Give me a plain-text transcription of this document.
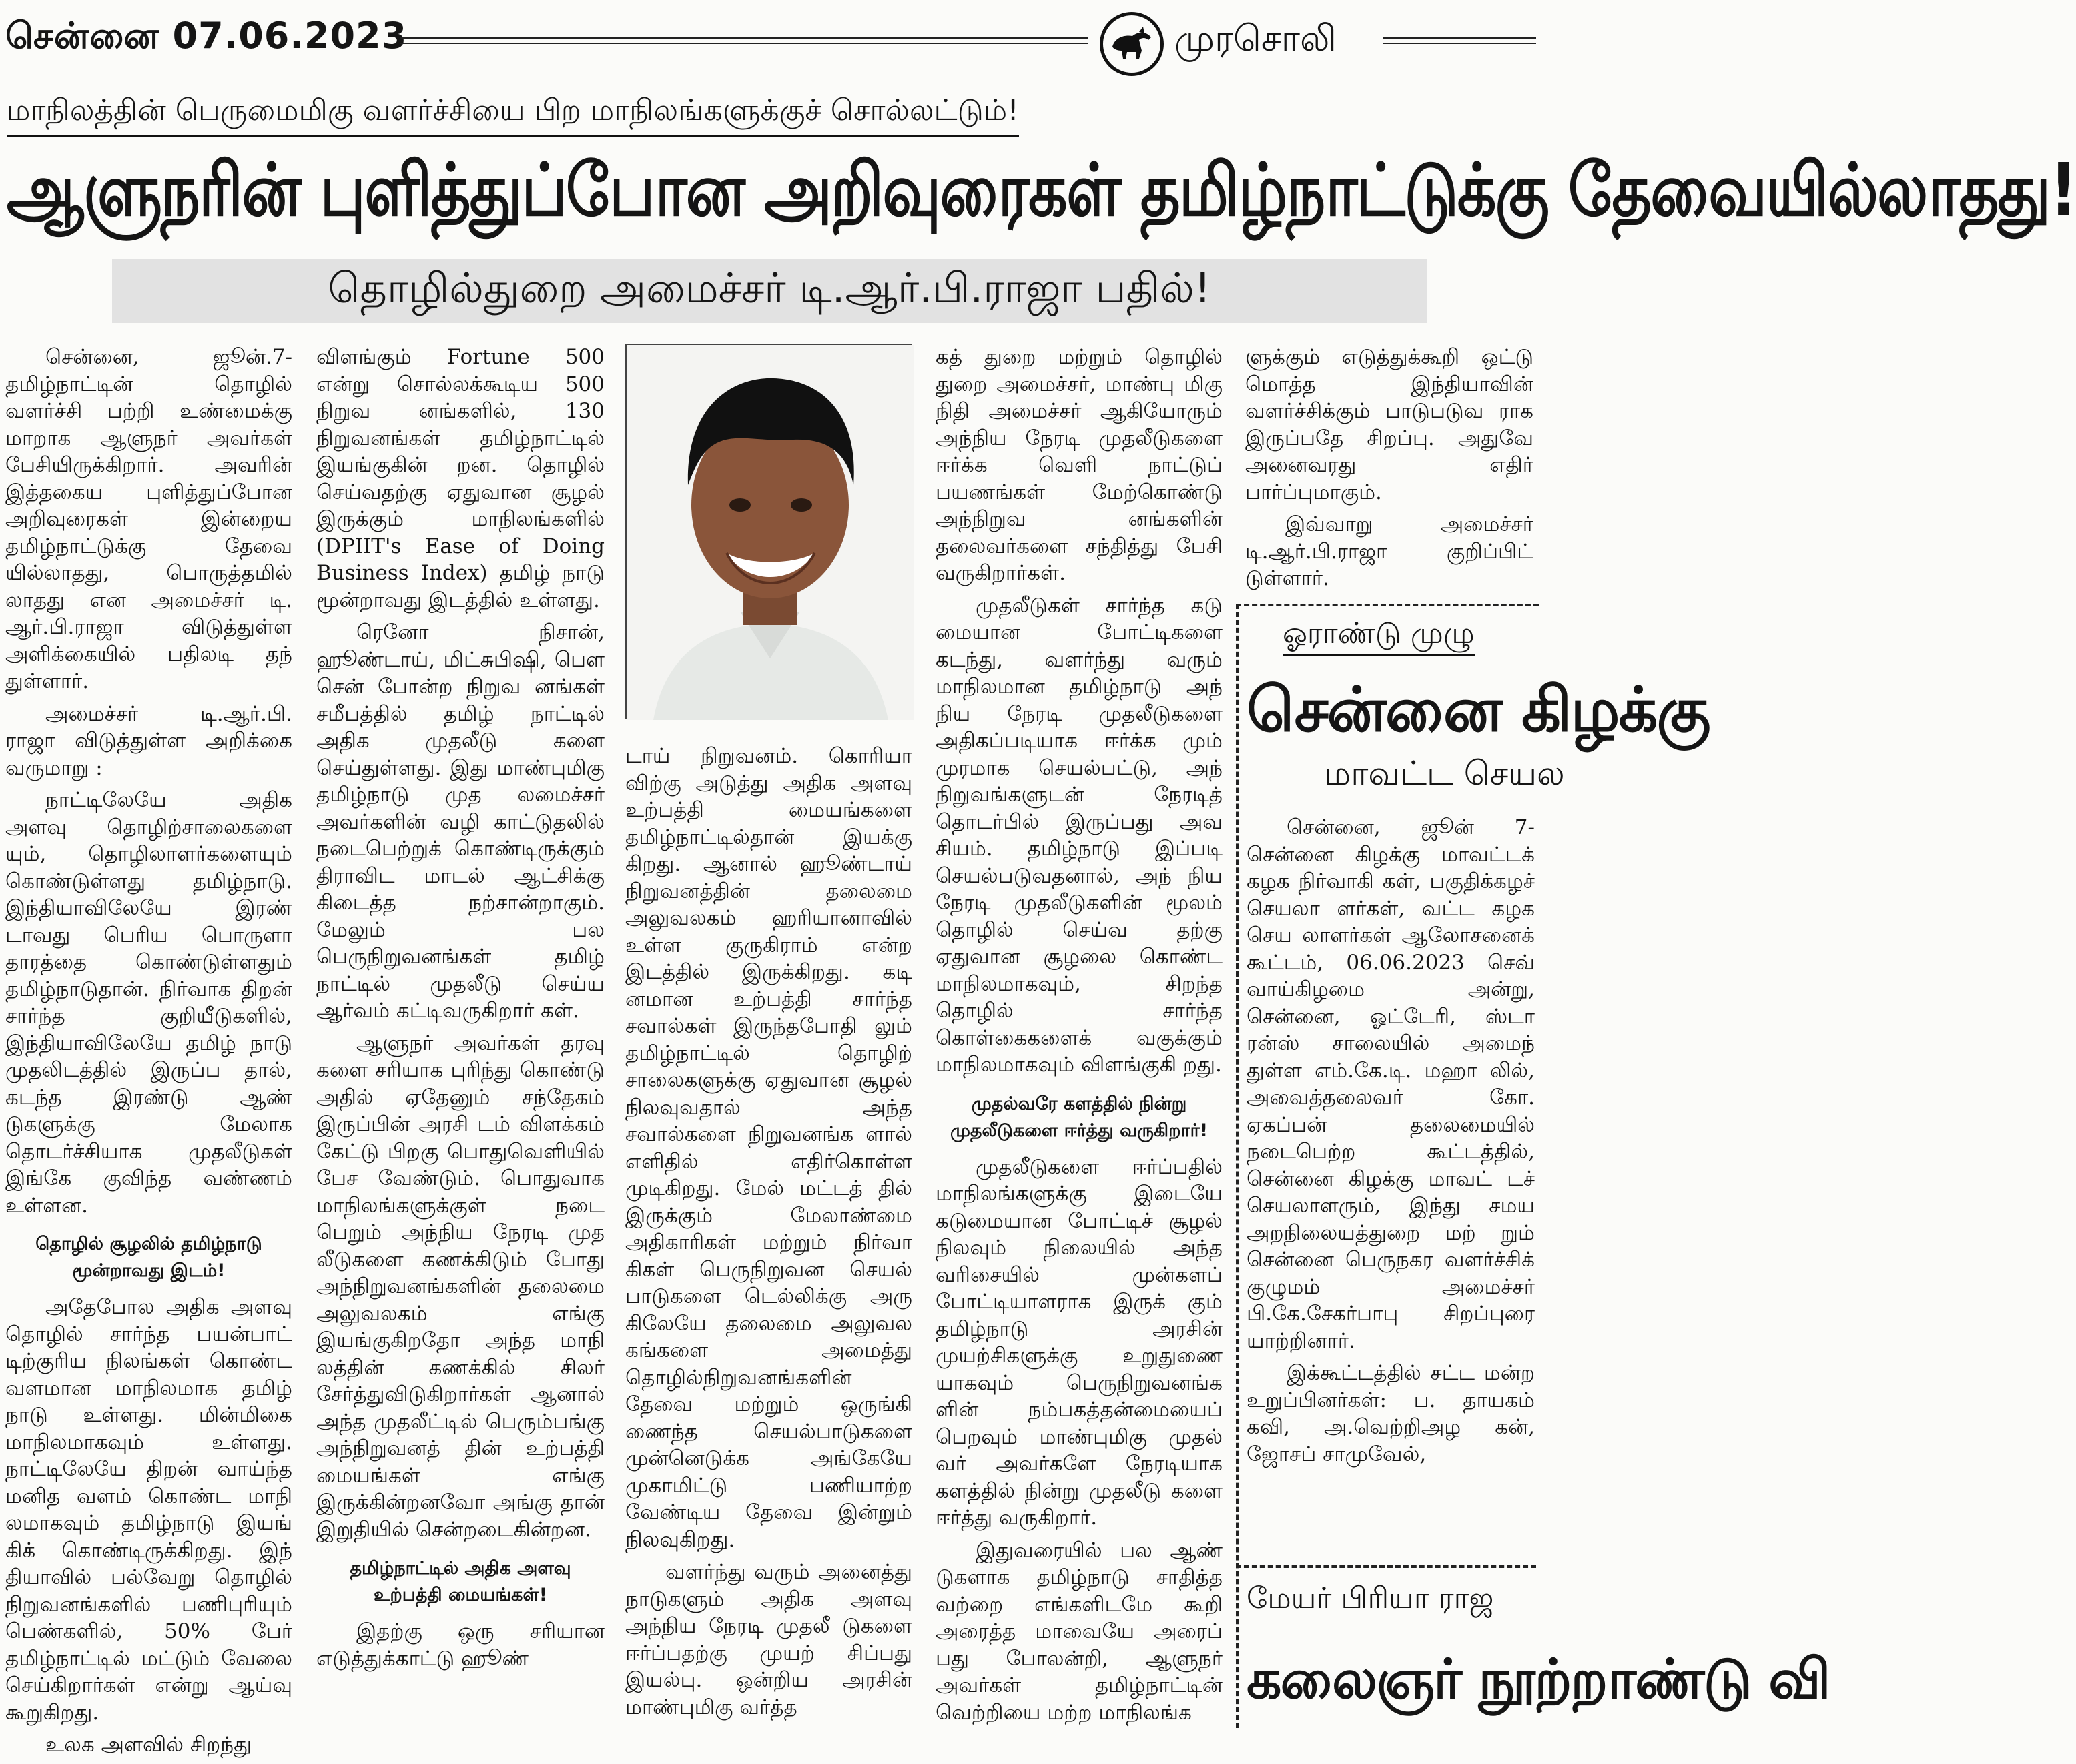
சென்னை 07.06.2023	முரசொலி
மாநிலத்தின் பெருமைமிகு வளர்ச்சியை பிற மாநிலங்களுக்குச் சொல்லட்டும்!
ஆளுநரின் புளித்துப்போன அறிவுரைகள் தமிழ்நாட்டுக்கு தேவையில்லாதது!
தொழில்துறை அமைச்சர் டி.ஆர்.பி.ராஜா பதில்!

சென்னை, ஜூன்.7- தமிழ்நாட்டின் தொழில் வளர்ச்சி பற்றி உண்மைக்கு மாறாக ஆளுநர் அவர்கள் பேசியிருக்கிறார். அவரின் இத்தகைய புளித்துப்போன அறிவுரைகள் இன்றைய தமிழ்நாட்டுக்கு தேவை யில்லாதது, பொருத்தமில் லாதது என அமைச்சர் டி. ஆர்.பி.ராஜா விடுத்துள்ள அளிக்கையில் பதிலடி தந் துள்ளார்.

அமைச்சர் டி.ஆர்.பி. ராஜா விடுத்துள்ள அறிக்கை வருமாறு :

நாட்டிலேயே அதிக அளவு தொழிற்சாலைகளை யும், தொழிலாளர்களையும் கொண்டுள்ளது தமிழ்நாடு. இந்தியாவிலேயே இரண் டாவது பெரிய பொருளா தாரத்தை கொண்டுள்ளதும் தமிழ்நாடுதான். நிர்வாக திறன் சார்ந்த குறியீடுகளில், இந்தியாவிலேயே தமிழ் நாடு முதலிடத்தில் இருப்ப தால், கடந்த இரண்டு ஆண் டுகளுக்கு மேலாக தொடர்ச்சியாக முதலீடுகள் இங்கே குவிந்த வண்ணம் உள்ளன.

தொழில் சூழலில் தமிழ்நாடு மூன்றாவது இடம்!

அதேபோல அதிக அளவு தொழில் சார்ந்த பயன்பாட் டிற்குரிய நிலங்கள் கொண்ட வளமான மாநிலமாக தமிழ் நாடு உள்ளது. மின்மிகை மாநிலமாகவும் உள்ளது. நாட்டிலேயே திறன் வாய்ந்த மனித வளம் கொண்ட மாநி லமாகவும் தமிழ்நாடு இயங் கிக் கொண்டிருக்கிறது. இந் தியாவில் பல்வேறு தொழில் நிறுவனங்களில் பணிபுரியும் பெண்களில், 50% பேர் தமிழ்நாட்டில் மட்டும் வேலை செய்கிறார்கள் என்று ஆய்வு கூறுகிறது.

உலக அளவில் சிறந்து

விளங்கும் Fortune 500 என்று சொல்லக்கூடிய 500 நிறுவ னங்களில், 130 நிறுவனங்கள் தமிழ்நாட்டில் இயங்குகின் றன. தொழில் செய்வதற்கு ஏதுவான சூழல் இருக்கும் மாநிலங்களில் (DPIIT's Ease of Doing Business Index) தமிழ் நாடு மூன்றாவது இடத்தில் உள்ளது.

ரெனோ நிசான், ஹூண்டாய், மிட்சுபிஷி, பௌ சென் போன்ற நிறுவ னங்கள் சமீபத்தில் தமிழ் நாட்டில் அதிக முதலீடு களை செய்துள்ளது. இது மாண்புமிகு தமிழ்நாடு முத லமைச்சர் அவர்களின் வழி காட்டுதலில் நடைபெற்றுக் கொண்டிருக்கும் திராவிட மாடல் ஆட்சிக்கு கிடைத்த நற்சான்றாகும். மேலும் பல பெருநிறுவனங்கள் தமிழ் நாட்டில் முதலீடு செய்ய ஆர்வம் கட்டிவருகிறார் கள்.

ஆளுநர் அவர்கள் தரவு களை சரியாக புரிந்து கொண்டு அதில் ஏதேனும் சந்தேகம் இருப்பின் அரசி டம் விளக்கம் கேட்டு பிறகு பொதுவெளியில் பேச வேண்டும். பொதுவாக மாநிலங்களுக்குள் நடை பெறும் அந்நிய நேரடி முத லீடுகளை கணக்கிடும் போது அந்நிறுவனங்களின் தலைமை அலுவலகம் எங்கு இயங்குகிறதோ அந்த மாநி லத்தின் கணக்கில் சிலர் சேர்த்துவிடுகிறார்கள் ஆனால் அந்த முதலீட்டில் பெரும்பங்கு அந்நிறுவனத் தின் உற்பத்தி மையங்கள் எங்கு இருக்கின்றனவோ அங்கு தான் இறுதியில் சென்றடைகின்றன.

தமிழ்நாட்டில் அதிக அளவு உற்பத்தி மையங்கள்!

இதற்கு ஒரு சரியான எடுத்துக்காட்டு ஹூண்

டாய் நிறுவனம். கொரியா விற்கு அடுத்து அதிக அளவு உற்பத்தி மையங்களை தமிழ்நாட்டில்தான் இயக்கு கிறது. ஆனால் ஹூண்டாய் நிறுவனத்தின் தலைமை அலுவலகம் ஹரியானாவில் உள்ள குருகிராம் என்ற இடத்தில் இருக்கிறது. கடி னமான உற்பத்தி சார்ந்த சவால்கள் இருந்தபோதி லும் தமிழ்நாட்டில் தொழிற் சாலைகளுக்கு ஏதுவான சூழல் நிலவுவதால் அந்த சவால்களை நிறுவனங்க ளால் எளிதில் எதிர்கொள்ள முடிகிறது. மேல் மட்டத் தில் இருக்கும் மேலாண்மை அதிகாரிகள் மற்றும் நிர்வா கிகள் பெருநிறுவன செயல் பாடுகளை டெல்லிக்கு அரு கிலேயே தலைமை அலுவல கங்களை அமைத்து தொழில்நிறுவனங்களின் தேவை மற்றும் ஒருங்கி ணைந்த செயல்பாடுகளை முன்னெடுக்க அங்கேயே முகாமிட்டு பணியாற்ற வேண்டிய தேவை இன்றும் நிலவுகிறது.

வளர்ந்து வரும் அனைத்து நாடுகளும் அதிக அளவு அந்நிய நேரடி முதலீ டுகளை ஈர்ப்பதற்கு முயற் சிப்பது இயல்பு. ஒன்றிய அரசின் மாண்புமிகு வர்த்த

கத் துறை மற்றும் தொழில் துறை அமைச்சர், மாண்பு மிகு நிதி அமைச்சர் ஆகியோரும் அந்நிய நேரடி முதலீடுகளை ஈர்க்க வெளி நாட்டுப் பயணங்கள் மேற்கொண்டு அந்நிறுவ னங்களின் தலைவர்களை சந்தித்து பேசி வருகிறார்கள்.

முதலீடுகள் சார்ந்த கடு மையான போட்டிகளை கடந்து, வளர்ந்து வரும் மாநிலமான தமிழ்நாடு அந் நிய நேரடி முதலீடுகளை அதிகப்படியாக ஈர்க்க மும் முரமாக செயல்பட்டு, அந் நிறுவங்களுடன் நேரடித் தொடர்பில் இருப்பது அவ சியம். தமிழ்நாடு இப்படி செயல்படுவதனால், அந் நிய நேரடி முதலீடுகளின் மூலம் தொழில் செய்வ தற்கு ஏதுவான சூழலை கொண்ட மாநிலமாகவும், சிறந்த தொழில் சார்ந்த கொள்கைகளைக் வகுக்கும் மாநிலமாகவும் விளங்குகி றது.

முதல்வரே களத்தில் நின்று முதலீடுகளை ஈர்த்து வருகிறார்!

முதலீடுகளை ஈர்ப்பதில் மாநிலங்களுக்கு இடையே கடுமையான போட்டிச் சூழல் நிலவும் நிலையில் அந்த வரிசையில் முன்களப் போட்டியாளராக இருக் கும் தமிழ்நாடு அரசின் முயற்சிகளுக்கு உறுதுணை யாகவும் பெருநிறுவனங்க ளின் நம்பகத்தன்மையைப் பெறவும் மாண்புமிகு முதல் வர் அவர்களே நேரடியாக களத்தில் நின்று முதலீடு களை ஈர்த்து வருகிறார்.

இதுவரையில் பல ஆண் டுகளாக தமிழ்நாடு சாதித்த வற்றை எங்களிடமே கூறி அரைத்த மாவையே அரைப் பது போலன்றி, ஆளுநர் அவர்கள் தமிழ்நாட்டின் வெற்றியை மற்ற மாநிலங்க

ளுக்கும் எடுத்துக்கூறி ஒட்டு மொத்த இந்தியாவின் வளர்ச்சிக்கும் பாடுபடுவ ராக இருப்பதே சிறப்பு. அதுவே அனைவரது எதிர் பார்ப்புமாகும்.

இவ்வாறு அமைச்சர் டி.ஆர்.பி.ராஜா குறிப்பிட் டுள்ளார்.

ஓராண்டு முழு
சென்னை கிழக்கு
மாவட்ட செயல

சென்னை, ஜூன் 7- சென்னை கிழக்கு மாவட்டக் கழக நிர்வாகி கள், பகுதிக்கழச் செயலா ளர்கள், வட்ட கழக செய லாளர்கள் ஆலோசனைக் கூட்டம், 06.06.2023 செவ் வாய்கிழமை அன்று, சென்னை, ஓட்டேரி, ஸ்டா ரன்ஸ் சாலையில் அமைந் துள்ள எம்.கே.டி. மஹா லில், அவைத்தலைவர் கோ. ஏகப்பன் தலைமையில் நடைபெற்ற கூட்டத்தில், சென்னை கிழக்கு மாவட் டச் செயலாளரும், இந்து சமய அறநிலையத்துறை மற் றும் சென்னை பெருநகர வளர்ச்சிக் குழுமம் அமைச்சர் பி.கே.சேகர்பாபு சிறப்புரை யாற்றினார்.

இக்கூட்டத்தில் சட்ட மன்ற உறுப்பினர்கள்: ப. தாயகம் கவி, அ.வெற்றிஅழ கன், ஜோசப் சாமுவேல்,

மேயர் பிரியா ராஜ
கலைஞர் நூற்றாண்டு வி
